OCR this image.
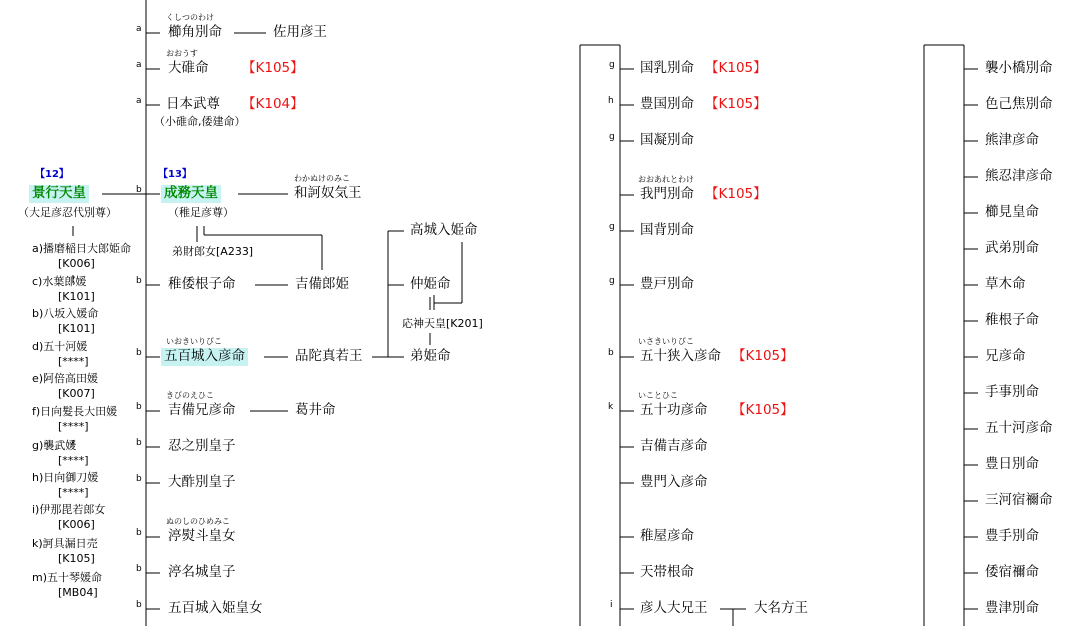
【12】
景行天皇
（大足彦忍代別尊）
a)播磨稲日大郎姫命
[K006]
c)水葉郎媛
[K101]
b)八坂入媛命
[K101]
d)五十河媛
[****]
e)阿倍高田媛
[K007]
f)日向髮長大田媛
[****]
g)襲武媛
[****]
h)日向御刀媛
[****]
i)伊那毘若郎女
[K006]
k)訶具漏日売
[K105]
m)五十琴媛命
[MB04]
a
くしつのわけ
櫛角別命	佐用彦王
a
おおうす
大碓命 【K105】
a 日本武尊 【K104】
（小碓命,倭建命）
b
【13】
成務天皇
（稚足彦尊）
わかぬけのみこ
和訶奴気王
弟財郎女[A233]
b 稚倭根子命	吉備郎姫
高城入姫命
仲姫命
応神天皇[K201]
b
いおきいりびこ
五百城入彦命	品陀真若王	弟姫命
b
きびのえひこ
吉備兄彦命	葛井命
b 忍之別皇子
b 大酢別皇子
b
ぬのしのひめみこ
渟熨斗皇女
b 渟名城皇子
b 五百城入姫皇女
g 国乳別命 【K105】
h 豊国別命 【K105】
g 国凝別命
おおあれとわけ
我門別命 【K105】
g 国背別命
g 豊戸別命
b
いさきいりびこ
五十狭入彦命 【K105】
k
いことひこ
五十功彦命 【K105】
吉備吉彦命
豊門入彦命
稚屋彦命
天帯根命
i 彦人大兄王	大名方王
襲小橋別命
色己焦別命
熊津彦命
熊忍津彦命
櫛見皇命
武弟別命
草木命
稚根子命
兄彦命
手事別命
五十河彦命
豊日別命
三河宿禰命
豊手別命
倭宿禰命
豊津別命
